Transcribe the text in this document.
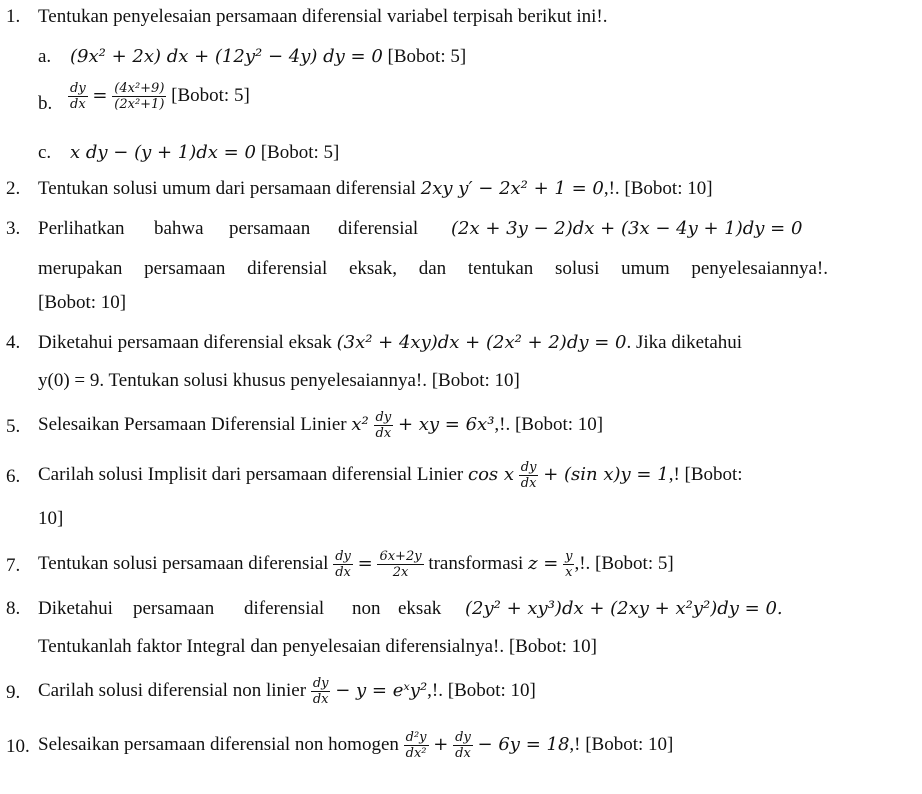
1. Tentukan penyelesaian persamaan diferensial variabel terpisah berikut ini!.
a. (9x² + 2x) dx + (12y² − 4y) dy = 0 [Bobot: 5]
b. $\frac{dy}{dx} = \frac{\text{(4x²+9)}}{\text{(2x²+1)}}$ [Bobot: 5]
c. x dy − (y + 1)dx = 0 [Bobot: 5]
2. Tentukan solusi umum dari persamaan diferensial 2xy y′ − 2x² + 1 = 0,!. [Bobot: 10]
3. Perlihatkan bahwa persamaan diferensial (2x + 3y − 2)dx + (3x − 4y + 1)dy = 0
merupakan persamaan diferensial eksak, dan tentukan solusi umum penyelesaiannya!.
[Bobot: 10]
4. Diketahui persamaan diferensial eksak (3x² + 4xy)dx + (2x² + 2)dy = 0. Jika diketahui
y(0) = 9. Tentukan solusi khusus penyelesaiannya!. [Bobot: 10]
5. Selesaikan Persamaan Diferensial Linier $x^2 \frac{dy}{dx}$ + xy = 6x³,!. [Bobot: 10]
6. Carilah solusi Implisit dari persamaan diferensial Linier cos x $\frac{dy}{dx} + (\sin$ x)y = 1,! [Bobot:
10]
7. Tentukan solusi persamaan diferensial $\frac{dy}{dx} = \frac{6x+2y}{2x}$ transformasi $z = \frac{y}{x}$ ,!. [Bobot: 5]
8. Diketahui persamaan diferensial non eksak (2y² + xy³)dx + (2xy + x²y²)dy = 0.
Tentukanlah faktor Integral dan penyelesaian diferensialnya!. [Bobot: 10]
9. Carilah solusi diferensial non linier $\frac{dy}{dx} - y$ = eˣy²,!. [Bobot: 10]
10. Selesaikan persamaan diferensial non homogen $\frac{\text{d²y}}{\text{dx²}} + \frac{dy}{dx} - 6y = 18$,! [Bobot: 10]
